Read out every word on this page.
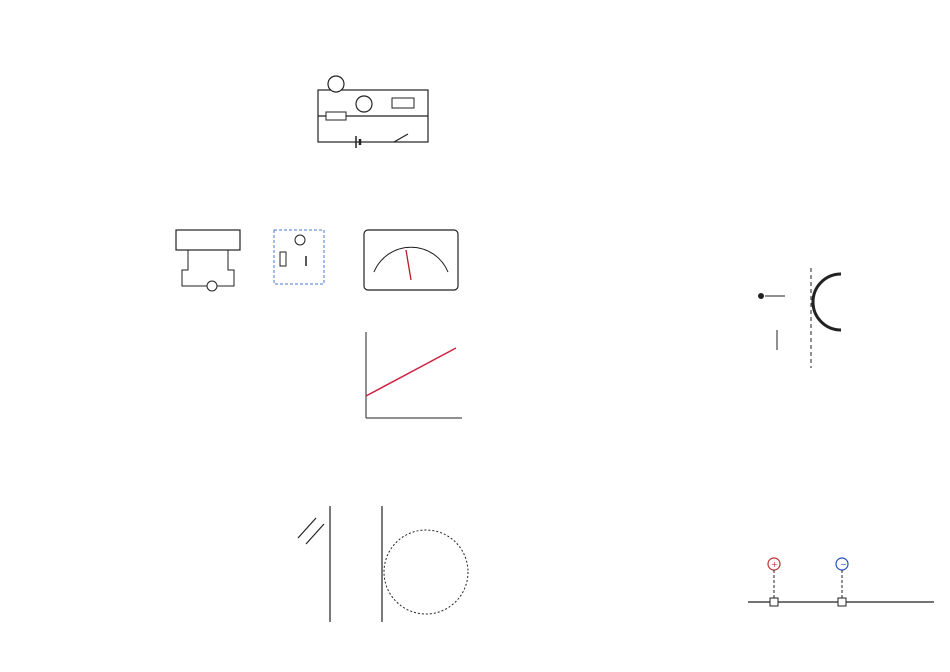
+	−
